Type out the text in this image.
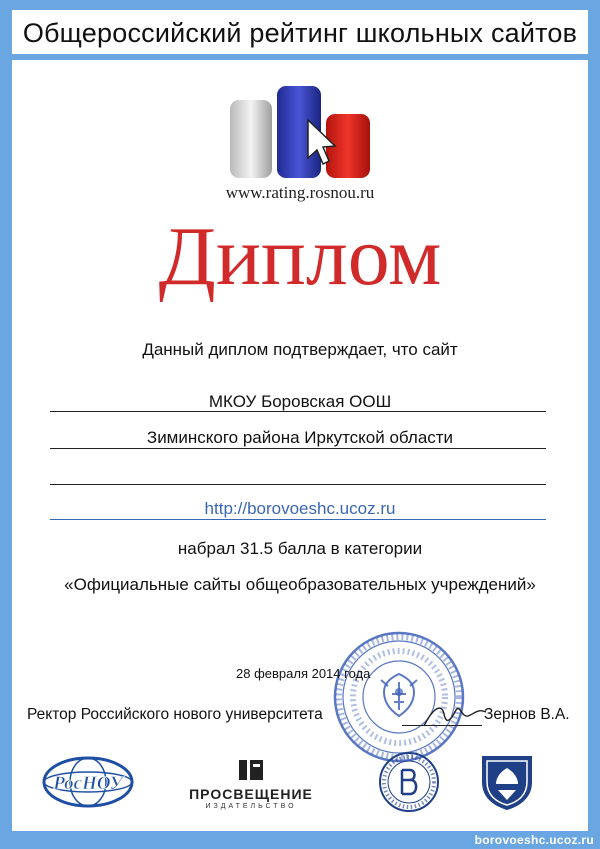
Общероссийский рейтинг школьных сайтов
www.rating.rosnou.ru
Диплом
Данный диплом подтверждает, что сайт
МКОУ Боровская ООШ
Зиминского района Иркутской области
http://borovoeshc.ucoz.ru
набрал 31.5 балла в категории
«Официальные сайты общеобразовательных учреждений»
28 февраля 2014 года
Ректор Российского нового университета	Зернов В.А.
РосНОУ	ПРОСВЕЩЕНИЕ
ИЗДАТЕЛЬСТВО
borovoeshc.ucoz.ru
